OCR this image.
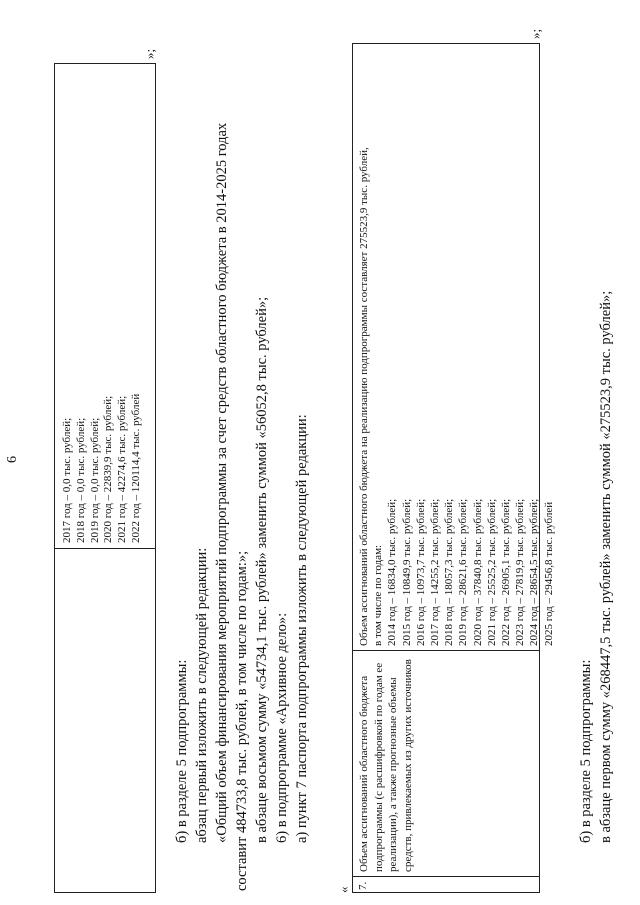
6	2017 год – 0,0 тыс. рублей; 2018 год – 0,0 тыс. рублей; 2019 год – 0,0 тыс. рублей; 2020 год – 22839,9 тыс. рублей; 2021 год – 42274,6 тыс. рублей; 2022 год – 120114,4 тыс. рублей
»;
б) в разделе 5 подпрограммы: абзац первый изложить в следующей редакции: «Общий объем финансирования мероприятий подпрограммы за счет средств областного бюджета в 2014-2025 годах составит 484733,8 тыс. рублей, в том числе по годам:»; в абзаце восьмом сумму «54734,1 тыс. рублей» заменить суммой «56052,8 тыс. рублей»; 6) в подпрограмме «Архивное дело»: а) пункт 7 паспорта подпрограммы изложить в следующей редакции:
« 7.
Объем ассигнований областного бюджета подпрограммы (с расшифровкой по годам ее реализации), а также прогнозные объемы средств, привлекаемых из других источников
Объем ассигнований областного бюджета на реализацию подпрограммы составляет 275523,9 тыс. рублей, в том числе по годам: 2014 год – 16834,0 тыс. рублей; 2015 год – 10849,9 тыс. рублей; 2016 год – 10973,7 тыс. рублей; 2017 год – 14255,2 тыс. рублей; 2018 год – 18057,3 тыс. рублей; 2019 год – 28621,6 тыс. рублей; 2020 год – 37840,8 тыс. рублей; 2021 год – 25525,2 тыс. рублей; 2022 год – 26905,1 тыс. рублей; 2023 год – 27819,9 тыс. рублей; 2024 год – 28654,5 тыс. рублей; 2025 год – 29456,8 тыс. рублей
»;
б) в разделе 5 подпрограммы: в абзаце первом сумму «268447,5 тыс. рублей» заменить суммой «275523,9 тыс. рублей»;
